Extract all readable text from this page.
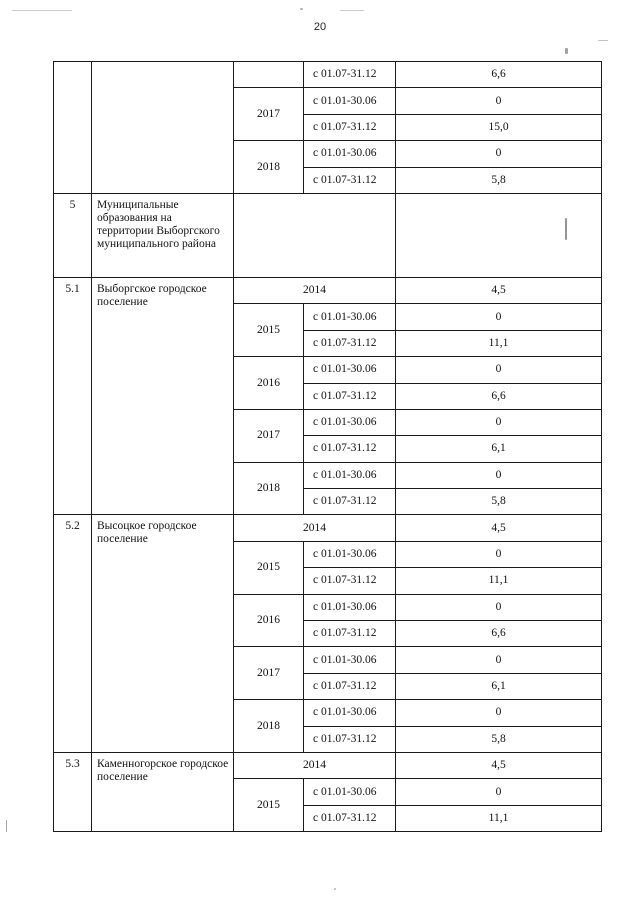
20
			с 01.07-31.12	6,6
		2017	с 01.01-30.06	0
			с 01.07-31.12	15,0
		2018	с 01.01-30.06	0
			с 01.07-31.12	5,8
5	Муниципальные образования на территории Выборгского муниципального района			
5.1	Выборгское городское поселение	2014		4,5
		2015	с 01.01-30.06	0
			с 01.07-31.12	11,1
		2016	с 01.01-30.06	0
			с 01.07-31.12	6,6
		2017	с 01.01-30.06	0
			с 01.07-31.12	6,1
		2018	с 01.01-30.06	0
			с 01.07-31.12	5,8
5.2	Высоцкое городское поселение	2014		4,5
		2015	с 01.01-30.06	0
			с 01.07-31.12	11,1
		2016	с 01.01-30.06	0
			с 01.07-31.12	6,6
		2017	с 01.01-30.06	0
			с 01.07-31.12	6,1
		2018	с 01.01-30.06	0
			с 01.07-31.12	5,8
5.3	Каменногорское городское поселение	2014		4,5
		2015	с 01.01-30.06	0
			с 01.07-31.12	11,1
